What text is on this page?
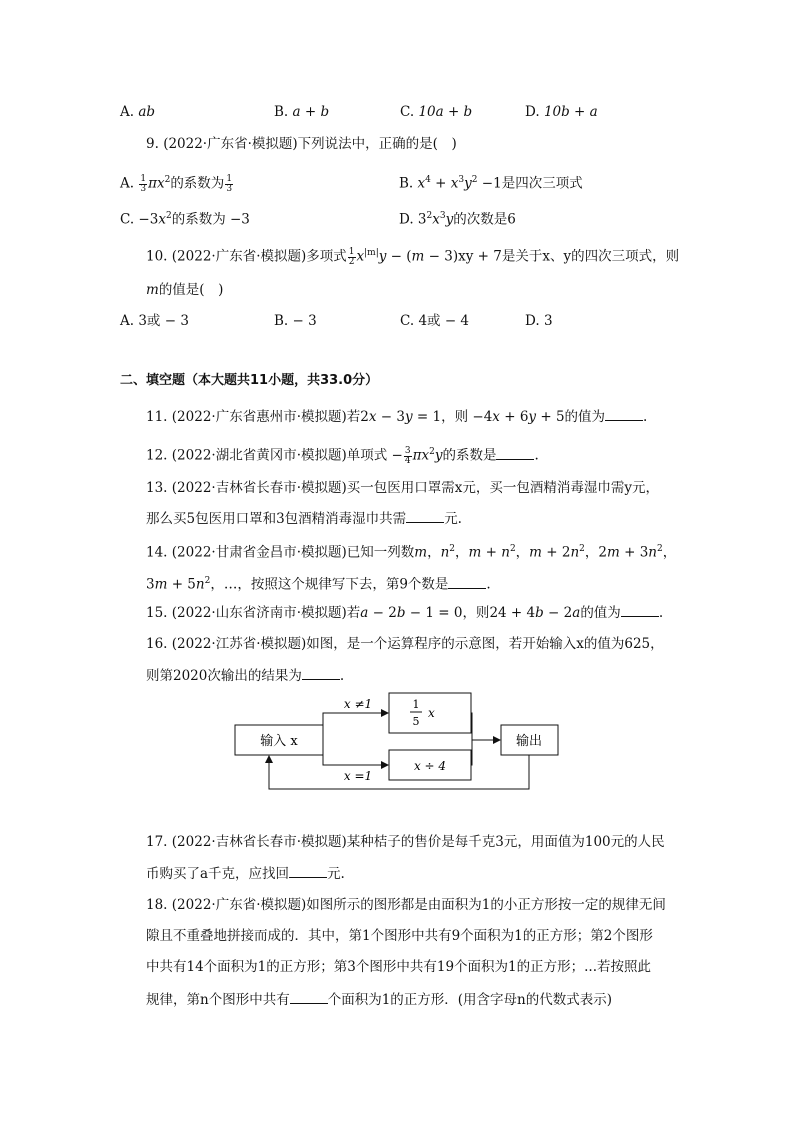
A. ab	B. a + b	C. 10a + b	D. 10b + a
9. (2022·广东省·模拟题)下列说法中，正确的是(　)
A. $\frac{1}{3} \pi x^2$的系数为 $\frac{1}{3}$	B. $x^4 + x^3y^2 -1$是四次三项式
C. $-3x^2$的系数为 −3	D. $3^2x^3y$的次数是6
10. (2022·广东省·模拟题)多项式 $\frac{1}{2} x^{|m|}y - (m - 3)xy + 7$是关于x、y的四次三项式，则
m的值是(　)
A. 3或 − 3	B. − 3	C. 4或 − 4	D. 3
二、填空题（本大题共11小题，共33.0分）
11. (2022·广东省惠州市·模拟题)若2x − 3y = 1，则 −4x + 6y + 5的值为	.
12. (2022·湖北省黄冈市·模拟题)单项式 − $\frac{3}{4} \pi x^2y$的系数是	.
13. (2022·吉林省长春市·模拟题)买一包医用口罩需x元，买一包酒精消毒湿巾需y元，
那么买5包医用口罩和3包酒精消毒湿巾共需	元.
14. (2022·甘肃省金昌市·模拟题)已知一列数m，$n^2$，$m + n^2$，$m + 2n^2$，$2m + 3n^2$，
$3m + 5n^2$，…，按照这个规律写下去，第9个数是	.
15. (2022·山东省济南市·模拟题)若a − 2b − 1 = 0，则24 + 4b − 2a的值为	.
16. (2022·江苏省·模拟题)如图，是一个运算程序的示意图，若开始输入x的值为625，
则第2020次输出的结果为	.
输入 x
x ≠1
x =1
1
5
x
x ÷ 4
输出
17. (2022·吉林省长春市·模拟题)某种桔子的售价是每千克3元，用面值为100元的人民
币购买了a千克，应找回	元.
18. (2022·广东省·模拟题)如图所示的图形都是由面积为1的小正方形按一定的规律无间
隙且不重叠地拼接而成的．其中，第1个图形中共有9个面积为1的正方形；第2个图形
中共有14个面积为1的正方形；第3个图形中共有19个面积为1的正方形；...若按照此
规律，第n个图形中共有	个面积为1的正方形．(用含字母n的代数式表示)
